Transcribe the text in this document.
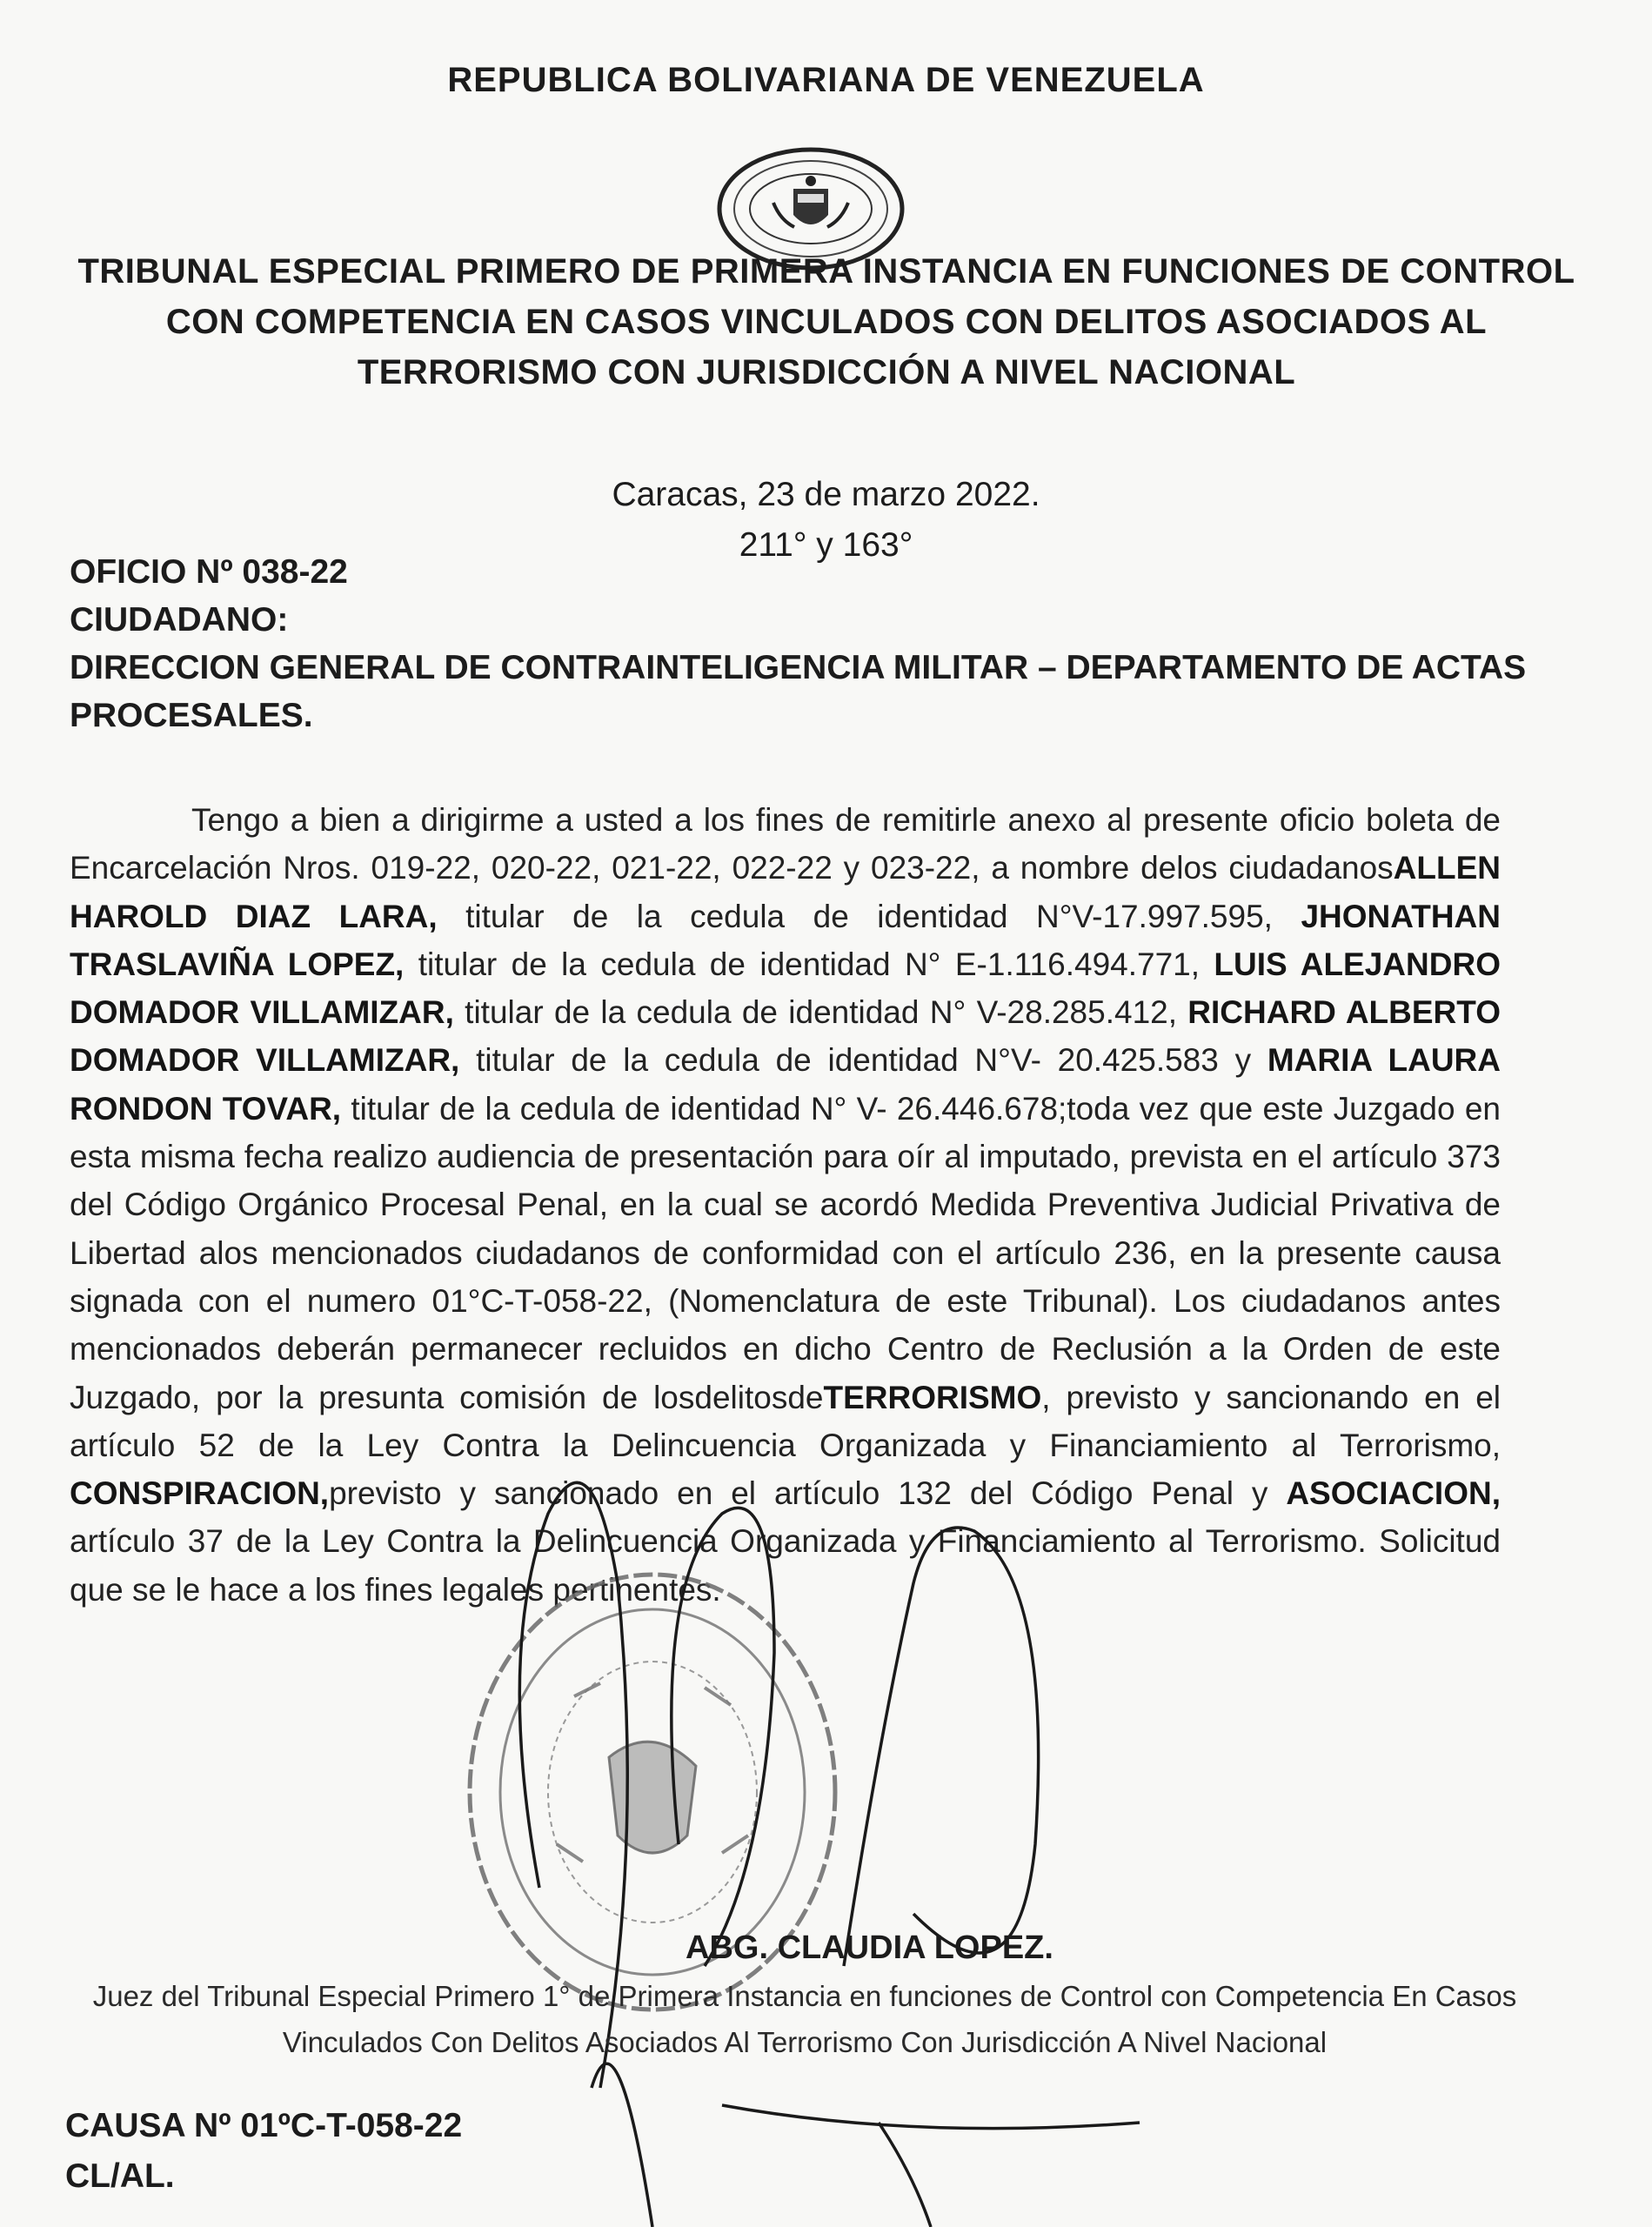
REPUBLICA BOLIVARIANA DE VENEZUELA
TRIBUNAL ESPECIAL PRIMERO DE PRIMERA INSTANCIA EN FUNCIONES DE CONTROL
CON COMPETENCIA EN CASOS VINCULADOS CON DELITOS ASOCIADOS AL
TERRORISMO CON JURISDICCIÓN A NIVEL NACIONAL
Caracas, 23 de marzo 2022.
211° y 163°
OFICIO Nº 038-22
CIUDADANO:
DIRECCION GENERAL DE CONTRAINTELIGENCIA MILITAR – DEPARTAMENTO DE ACTAS PROCESALES.
Tengo a bien a dirigirme a usted a los fines de remitirle anexo al presente oficio boleta de Encarcelación Nros. 019-22, 020-22, 021-22, 022-22 y 023-22, a nombre delos ciudadanosALLEN HAROLD DIAZ LARA, titular de la cedula de identidad N°V-17.997.595, JHONATHAN TRASLAVIÑA LOPEZ, titular de la cedula de identidad N° E-1.116.494.771, LUIS ALEJANDRO DOMADOR VILLAMIZAR, titular de la cedula de identidad N° V-28.285.412, RICHARD ALBERTO DOMADOR VILLAMIZAR, titular de la cedula de identidad N°V- 20.425.583 y MARIA LAURA RONDON TOVAR, titular de la cedula de identidad N° V- 26.446.678;toda vez que este Juzgado en esta misma fecha realizo audiencia de presentación para oír al imputado, prevista en el artículo 373 del Código Orgánico Procesal Penal, en la cual se acordó Medida Preventiva Judicial Privativa de Libertad alos mencionados ciudadanos de conformidad con el artículo 236, en la presente causa signada con el numero 01°C-T-058-22, (Nomenclatura de este Tribunal). Los ciudadanos antes mencionados deberán permanecer recluidos en dicho Centro de Reclusión a la Orden de este Juzgado, por la presunta comisión de losdelitosdeTERRORISMO, previsto y sancionando en el artículo 52 de la Ley Contra la Delincuencia Organizada y Financiamiento al Terrorismo, CONSPIRACION,previsto y sancionado en el artículo 132 del Código Penal y ASOCIACION, artículo 37 de la Ley Contra la Delincuencia Organizada y Financiamiento al Terrorismo. Solicitud que se le hace a los fines legales pertinentes.
ABG. CLAUDIA LOPEZ.
Juez del Tribunal Especial Primero 1° de Primera Instancia en funciones de Control con Competencia En Casos Vinculados Con Delitos Asociados Al Terrorismo Con Jurisdicción A Nivel Nacional
CAUSA Nº 01ºC-T-058-22
CL/AL.
